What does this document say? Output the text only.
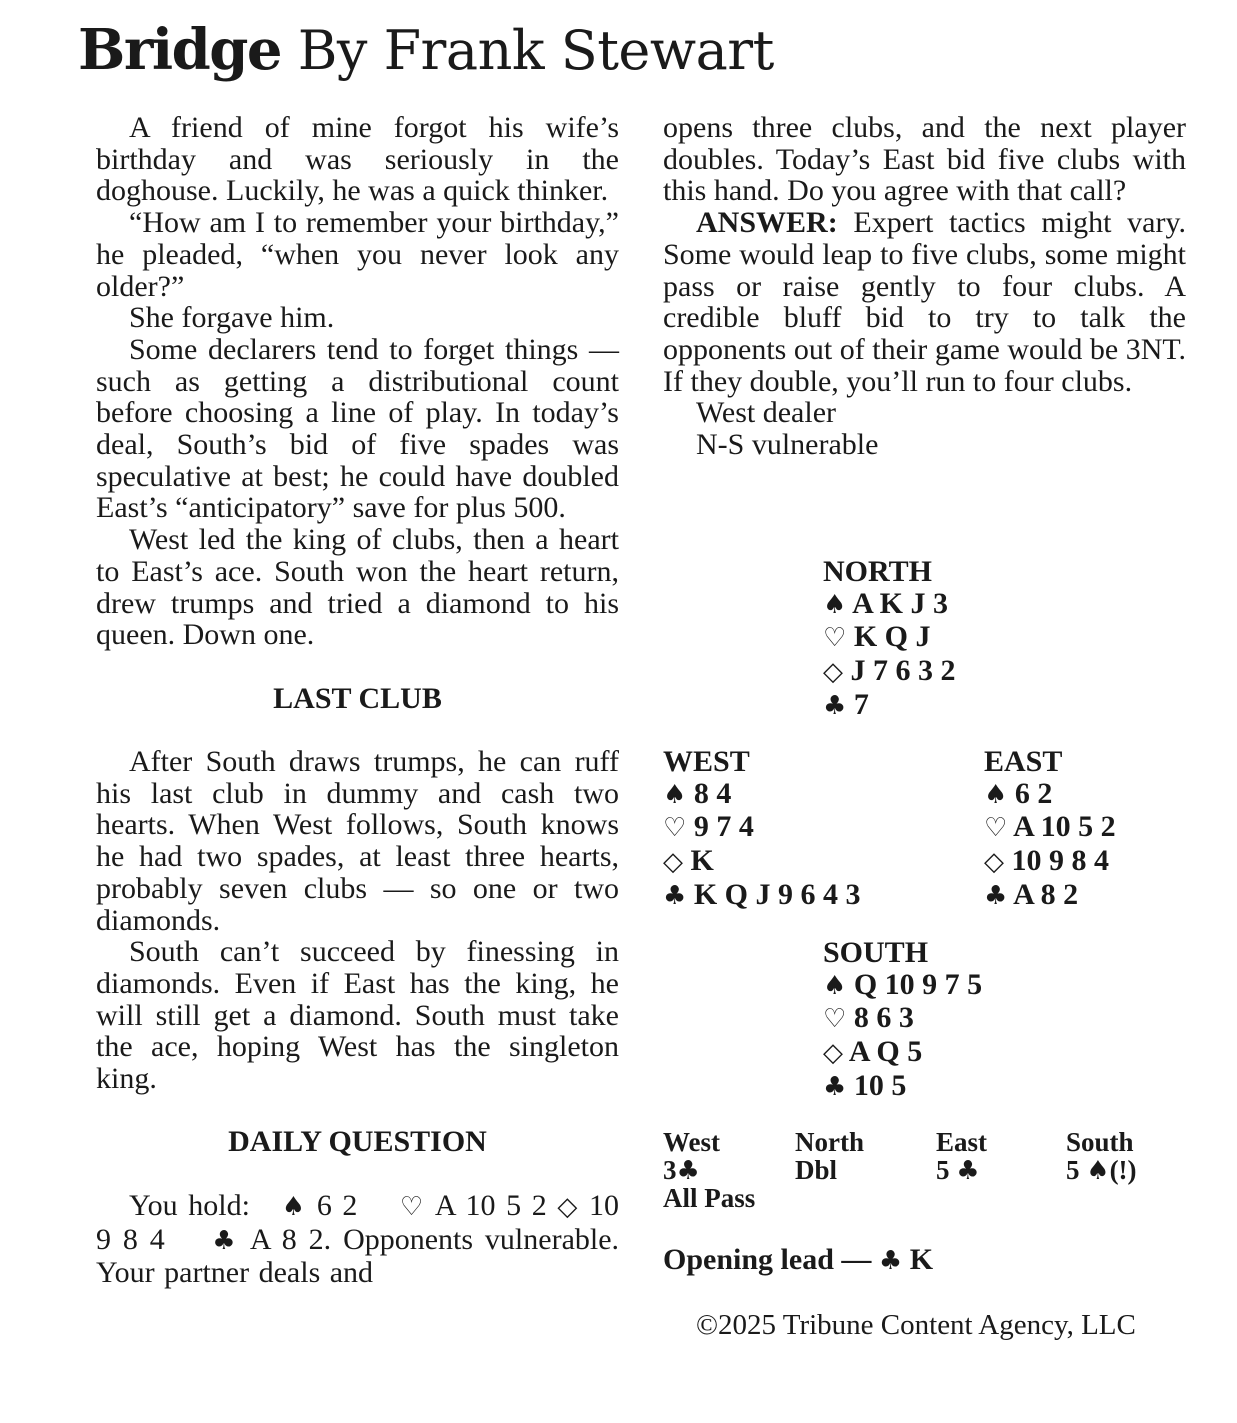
Bridge By Frank Stewart

A friend of mine forgot his wife’s birthday and was seriously in the doghouse. Luckily, he was a quick thinker.

“How am I to remember your birthday,” he pleaded, “when you never look any older?”

She forgave him.

Some declarers tend to forget things — such as getting a distributional count before choosing a line of play. In today’s deal, South’s bid of five spades was speculative at best; he could have doubled East’s “anticipatory” save for plus 500.

West led the king of clubs, then a heart to East’s ace. South won the heart return, drew trumps and tried a diamond to his queen. Down one.

LAST CLUB

After South draws trumps, he can ruff his last club in dummy and cash two hearts. When West follows, South knows he had two spades, at least three hearts, probably seven clubs — so one or two diamonds.

South can’t succeed by finessing in diamonds. Even if East has the king, he will still get a diamond. South must take the ace, hoping West has the singleton king.

DAILY QUESTION

You hold: ♠ 6 2 ♡ A 10 5 2 ◇ 10 9 8 4 ♣ A 8 2. Opponents vulnerable. Your partner deals and

opens three clubs, and the next player doubles. Today’s East bid five clubs with this hand. Do you agree with that call?

ANSWER: Expert tactics might vary. Some would leap to five clubs, some might pass or raise gently to four clubs. A credible bluff bid to try to talk the opponents out of their game would be 3NT. If they double, you’ll run to four clubs.

West dealer

N-S vulnerable

NORTH
♠ A K J 3
♡ K Q J
◇ J 7 6 3 2
♣ 7
WEST
♠ 8 4
♡ 9 7 4
◇ K
♣ K Q J 9 6 4 3
EAST
♠ 6 2
♡ A 10 5 2
◇ 10 9 8 4
♣ A 8 2
SOUTH
♠ Q 10 9 7 5
♡ 8 6 3
◇ A Q 5
♣ 10 5
West	North	East	South
3♣	Dbl	5 ♣	5 ♠(!)
All Pass
Opening lead — ♣ K
©2025 Tribune Content Agency, LLC
